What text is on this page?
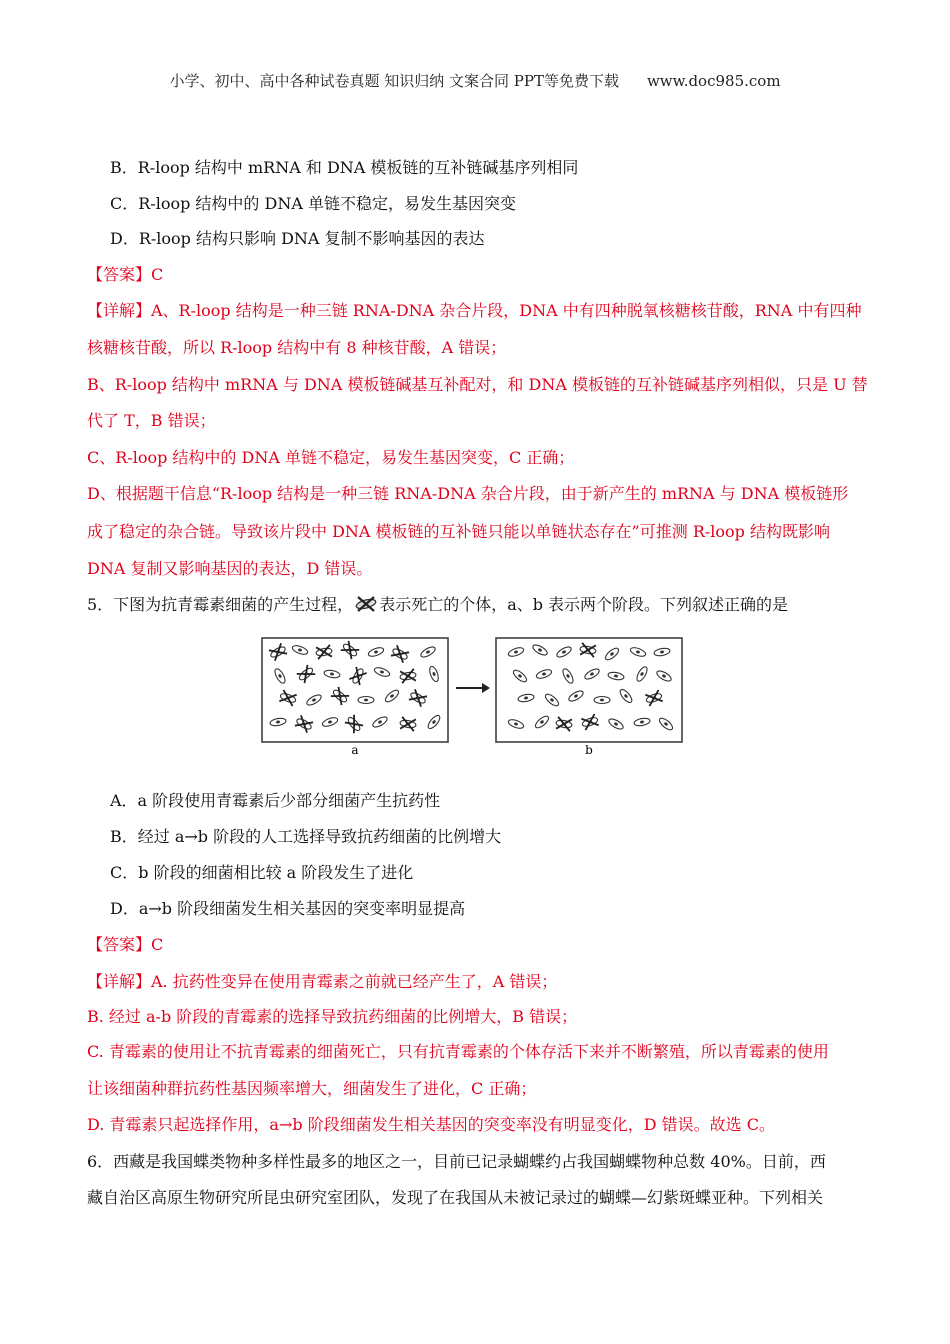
小学、初中、高中各种试卷真题 知识归纳 文案合同 PPT等免费下载 www.doc985.com
B．R-loop 结构中 mRNA 和 DNA 模板链的互补链碱基序列相同
C．R-loop 结构中的 DNA 单链不稳定，易发生基因突变
D．R-loop 结构只影响 DNA 复制不影响基因的表达
【答案】C
【详解】A、R-loop 结构是一种三链 RNA-DNA 杂合片段，DNA 中有四种脱氧核糖核苷酸，RNA 中有四种
核糖核苷酸，所以 R-loop 结构中有 8 种核苷酸，A 错误；
B、R-loop 结构中 mRNA 与 DNA 模板链碱基互补配对，和 DNA 模板链的互补链碱基序列相似，只是 U 替
代了 T，B 错误；
C、R-loop 结构中的 DNA 单链不稳定，易发生基因突变，C 正确；
D、根据题干信息“R-loop 结构是一种三链 RNA-DNA 杂合片段，由于新产生的 mRNA 与 DNA 模板链形
成了稳定的杂合链。导致该片段中 DNA 模板链的互补链只能以单链状态存在”可推测 R-loop 结构既影响
DNA 复制又影响基因的表达，D 错误。
5．下图为抗青霉素细菌的产生过程， 表示死亡的个体，a、b 表示两个阶段。下列叙述正确的是
a	b
A．a 阶段使用青霉素后少部分细菌产生抗药性
B．经过 a→b 阶段的人工选择导致抗药细菌的比例增大
C．b 阶段的细菌相比较 a 阶段发生了进化
D．a→b 阶段细菌发生相关基因的突变率明显提高
【答案】C
【详解】A. 抗药性变异在使用青霉素之前就已经产生了，A 错误；
B. 经过 a-b 阶段的青霉素的选择导致抗药细菌的比例增大，B 错误；
C. 青霉素的使用让不抗青霉素的细菌死亡，只有抗青霉素的个体存活下来并不断繁殖，所以青霉素的使用
让该细菌种群抗药性基因频率增大，细菌发生了进化，C 正确；
D. 青霉素只起选择作用，a→b 阶段细菌发生相关基因的突变率没有明显变化，D 错误。故选 C。
6．西藏是我国蝶类物种多样性最多的地区之一，目前已记录蝴蝶约占我国蝴蝶物种总数 40%。日前，西
藏自治区高原生物研究所昆虫研究室团队，发现了在我国从未被记录过的蝴蝶—幻紫斑蝶亚种。下列相关
